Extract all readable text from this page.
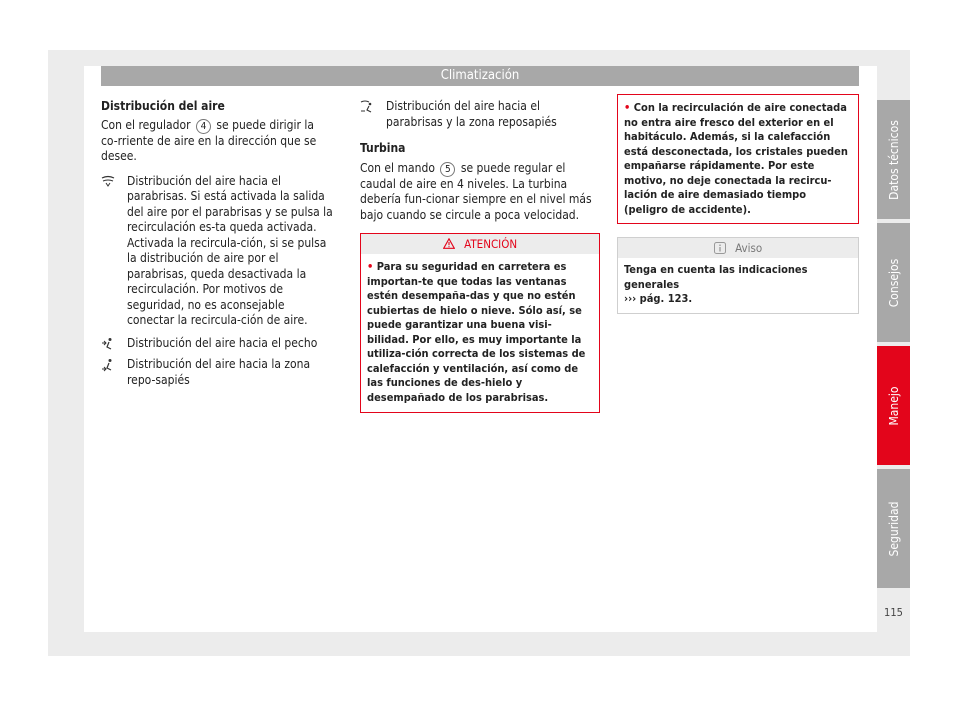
Climatización

Distribución del aire

Con el regulador 4 se puede dirigir la co-rriente de aire en la dirección que se desee.

Distribución del aire hacia el parabrisas. Si está activada la salida del aire por el parabrisas y se pulsa la recirculación es-ta queda activada. Activada la recircula-ción, si se pulsa la distribución de aire por el parabrisas, queda desactivada la recirculación. Por motivos de seguridad, no es aconsejable conectar la recircula-ción de aire.
Distribución del aire hacia el pecho
Distribución del aire hacia la zona repo-sapiés
Distribución del aire hacia el parabrisas y la zona reposapiés

Turbina

Con el mando 5 se puede regular el caudal de aire en 4 niveles. La turbina debería fun-cionar siempre en el nivel más bajo cuando se circule a poca velocidad.

ATENCIÓN
• Para su seguridad en carretera es importan-te que todas las ventanas estén desempaña-das y que no estén cubiertas de hielo o nieve. Sólo así, se puede garantizar una buena visi-bilidad. Por ello, es muy importante la utiliza-ción correcta de los sistemas de calefacción y ventilación, así como de las funciones de des-hielo y desempañado de los parabrisas.
• Con la recirculación de aire conectada no entra aire fresco del exterior en el habitáculo. Además, si la calefacción está desconectada, los cristales pueden empañarse rápidamente. Por este motivo, no deje conectada la recircu-lación de aire demasiado tiempo (peligro de accidente).
Aviso
Tenga en cuenta las indicaciones generales
››› pág. 123.
Datos técnicos
Consejos
Manejo
Seguridad
115
